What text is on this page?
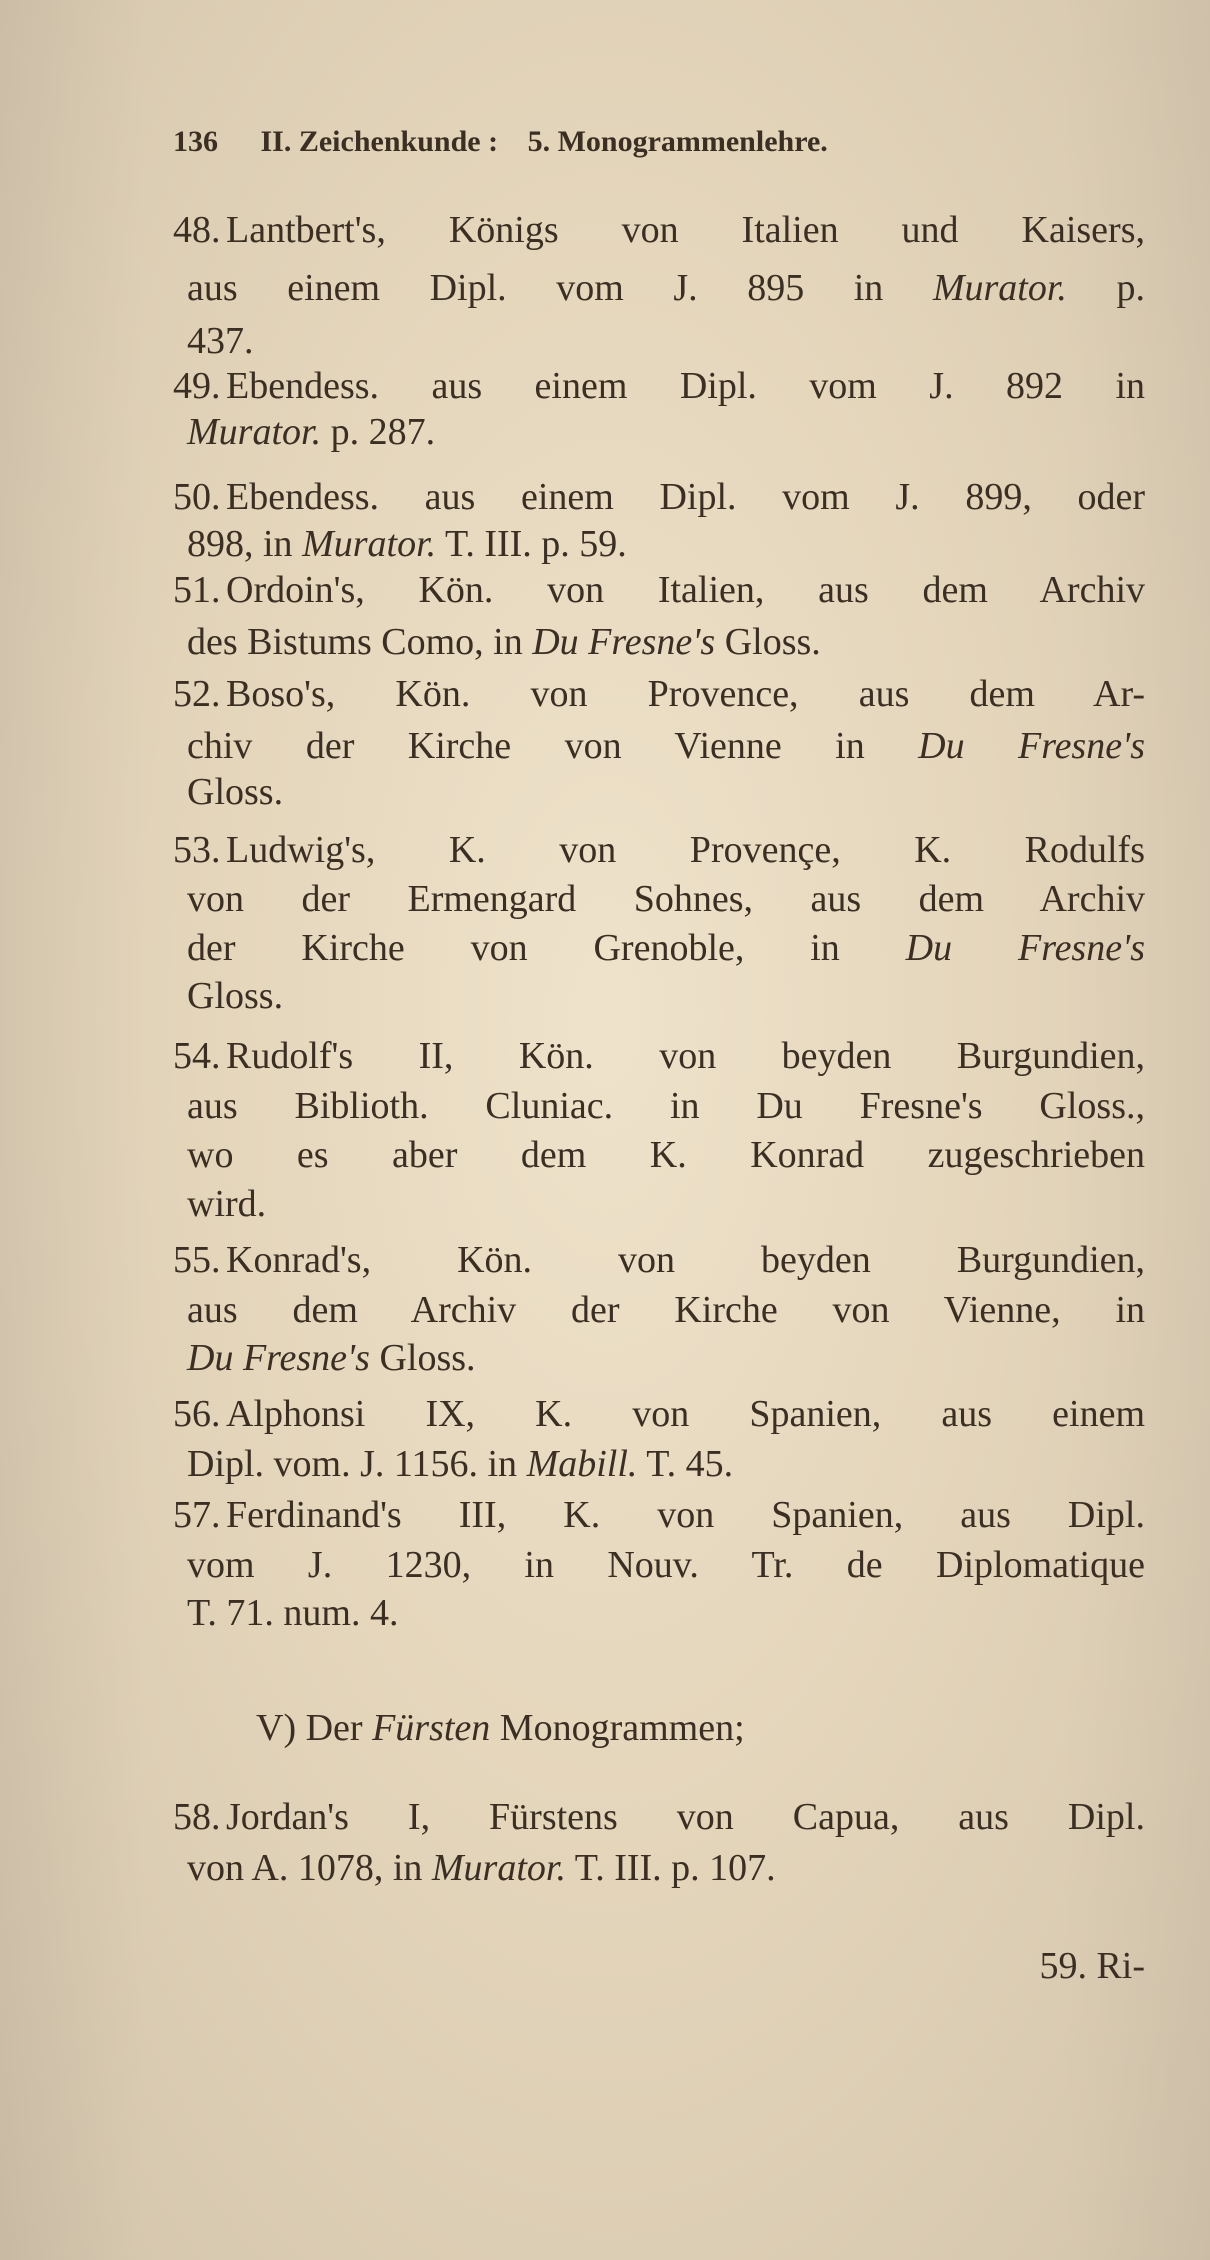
136 II. Zeichenkunde : 5. Monogrammenlehre.
48. Lantbert's, Königs von Italien und Kaisers,
aus einem Dipl. vom J. 895 in Murator. p.
437.
49. Ebendess. aus einem Dipl. vom J. 892 in
Murator. p. 287.
50. Ebendess. aus einem Dipl. vom J. 899, oder
898, in Murator. T. III. p. 59.
51. Ordoin's, Kön. von Italien, aus dem Archiv
des Bistums Como, in Du Fresne's Gloss.
52. Boso's, Kön. von Provence, aus dem Ar-
chiv der Kirche von Vienne in Du Fresne's
Gloss.
53. Ludwig's, K. von Provençe, K. Rodulfs
von der Ermengard Sohnes, aus dem Archiv
der Kirche von Grenoble, in Du Fresne's
Gloss.
54. Rudolf's II, Kön. von beyden Burgundien,
aus Biblioth. Cluniac. in Du Fresne's Gloss.,
wo es aber dem K. Konrad zugeschrieben
wird.
55. Konrad's, Kön. von beyden Burgundien,
aus dem Archiv der Kirche von Vienne, in
Du Fresne's Gloss.
56. Alphonsi IX, K. von Spanien, aus einem
Dipl. vom. J. 1156. in Mabill. T. 45.
57. Ferdinand's III, K. von Spanien, aus Dipl.
vom J. 1230, in Nouv. Tr. de Diplomatique
T. 71. num. 4.
V) Der Fürsten Monogrammen;
58. Jordan's I, Fürstens von Capua, aus Dipl.
von A. 1078, in Murator. T. III. p. 107.
59. Ri-
